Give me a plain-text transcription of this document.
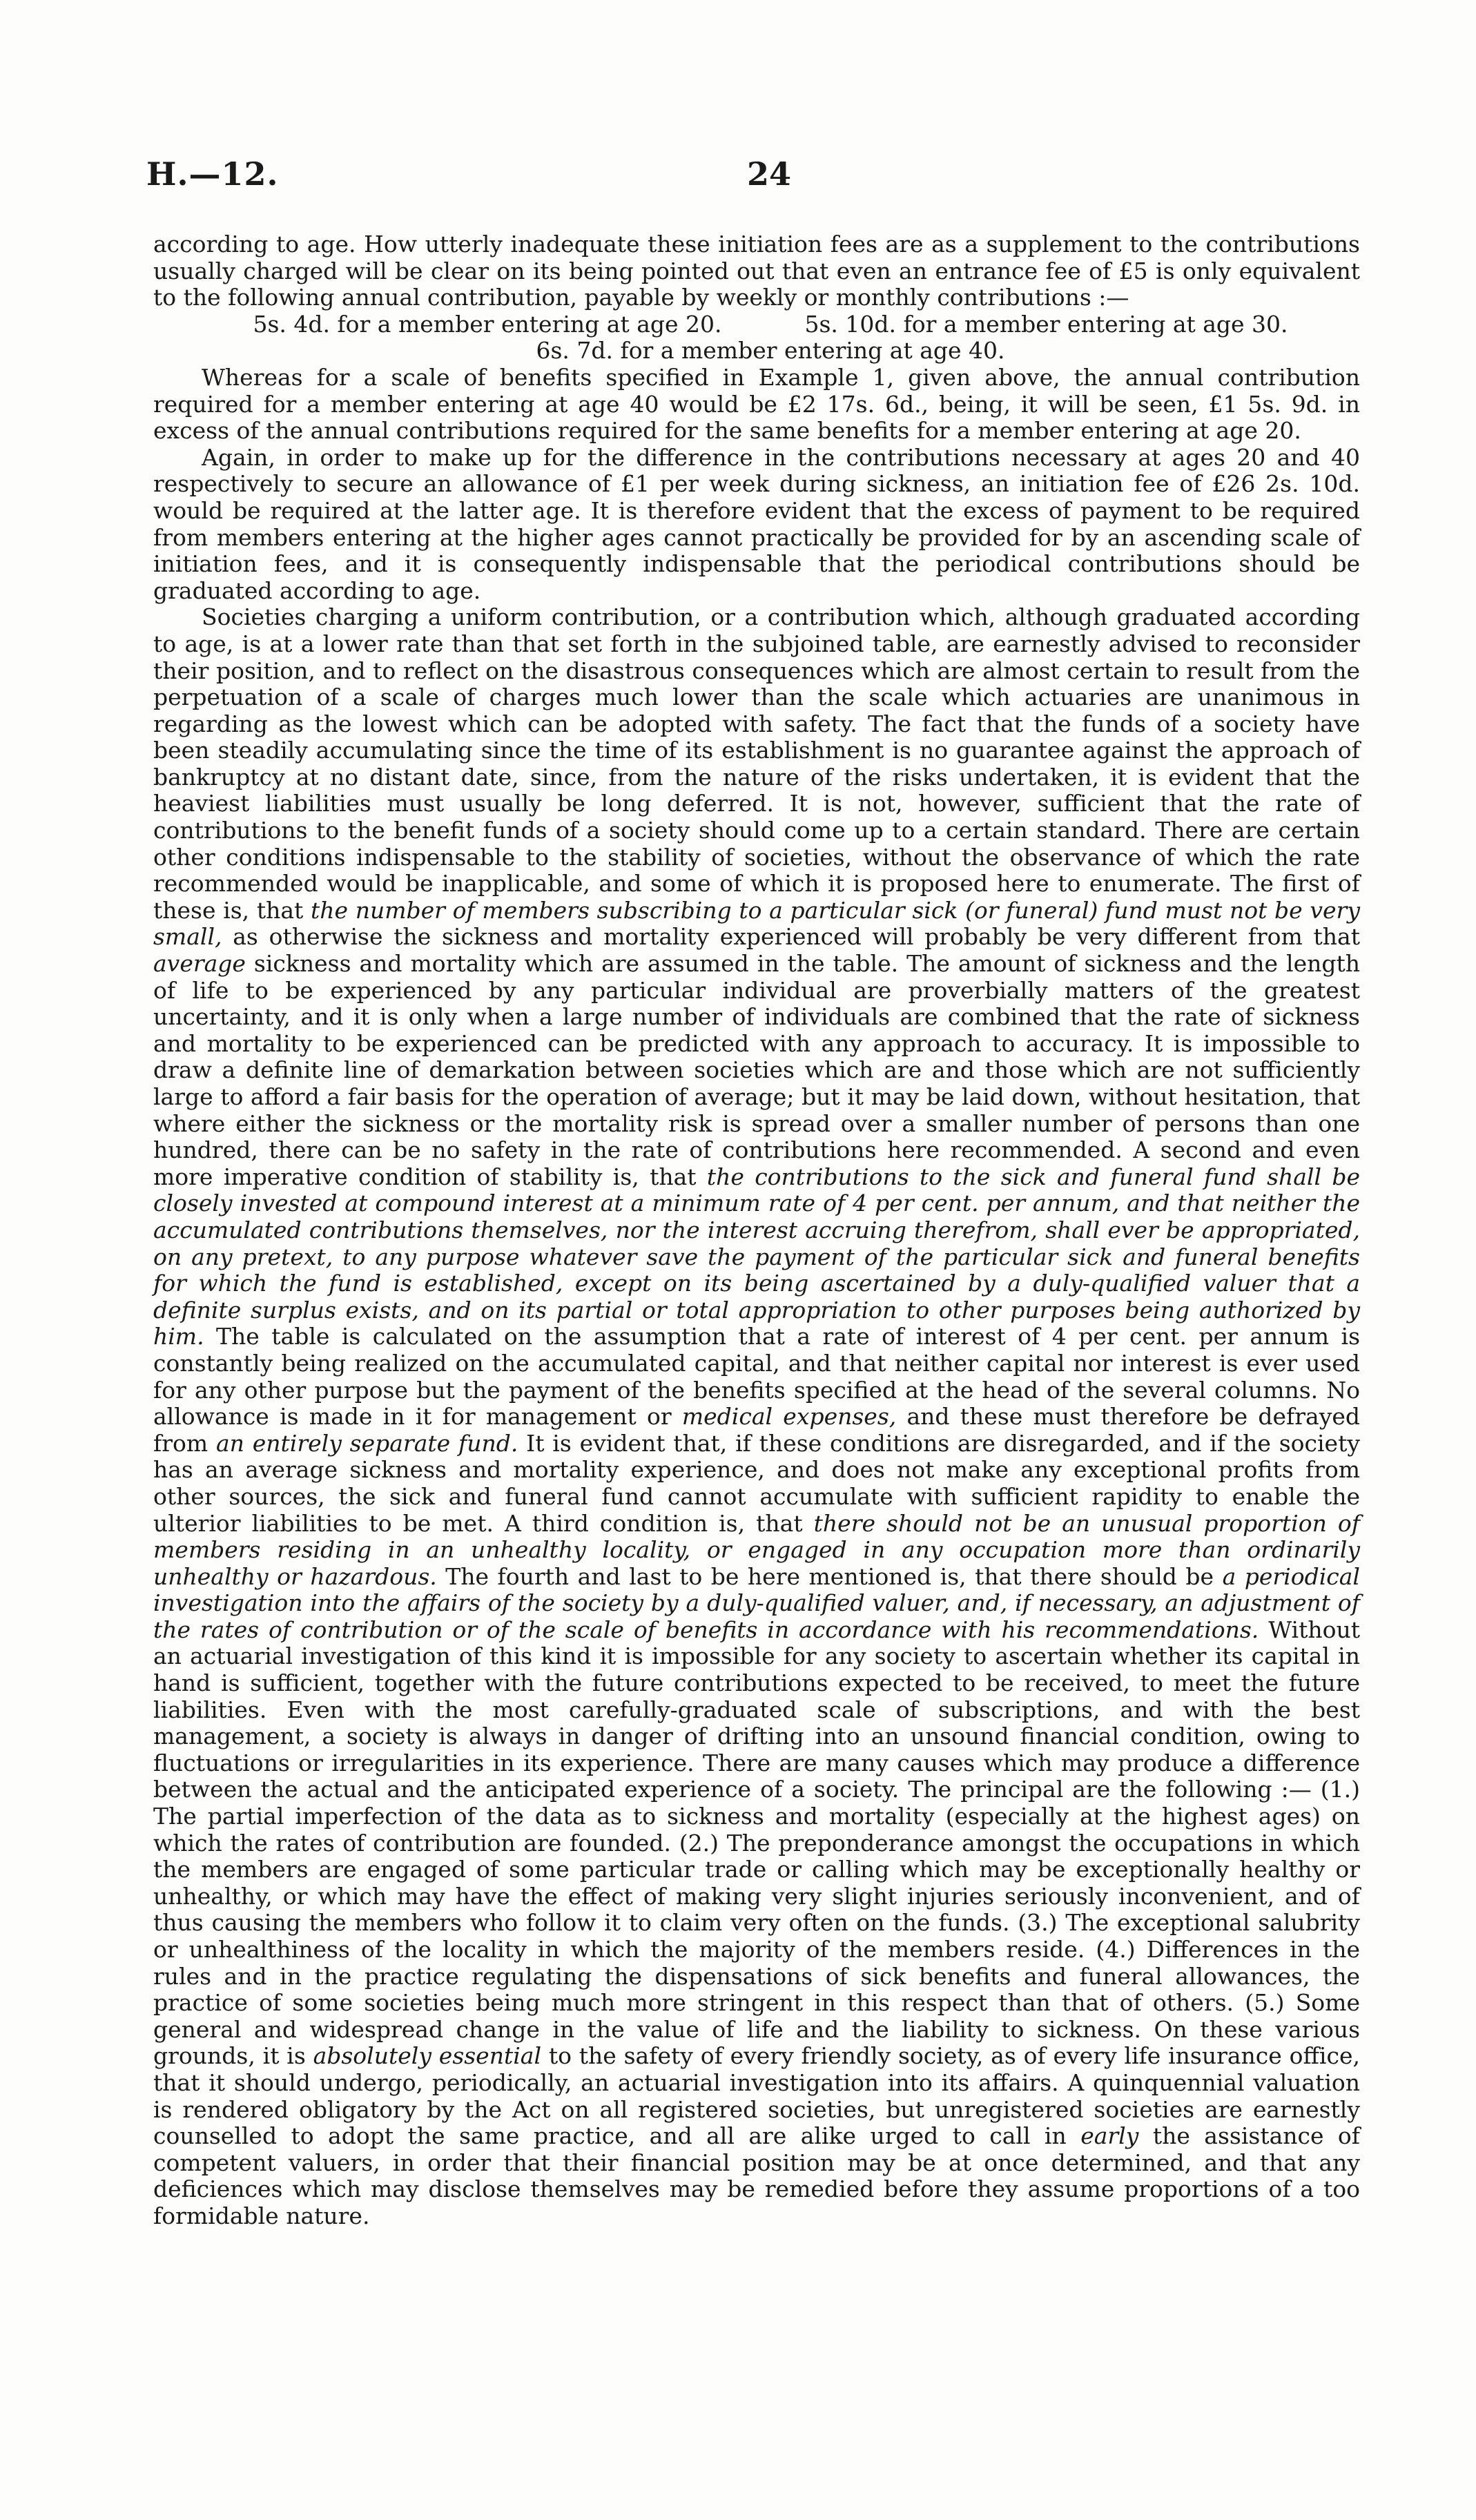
H.—12.	24

according to age. How utterly inadequate these initiation fees are as a supplement to the contributions usually charged will be clear on its being pointed out that even an entrance fee of £5 is only equivalent to the following annual contribution, payable by weekly or monthly contributions :—

5s. 4d. for a member entering at age 20.	5s. 10d. for a member entering at age 30.
6s. 7d. for a member entering at age 40.

Whereas for a scale of benefits specified in Example 1, given above, the annual contribution required for a member entering at age 40 would be £2 17s. 6d., being, it will be seen, £1 5s. 9d. in excess of the annual contributions required for the same benefits for a member entering at age 20.

Again, in order to make up for the difference in the contributions necessary at ages 20 and 40 respectively to secure an allowance of £1 per week during sickness, an initiation fee of £26 2s. 10d. would be required at the latter age. It is therefore evident that the excess of payment to be required from members entering at the higher ages cannot practically be provided for by an ascending scale of initiation fees, and it is consequently indispensable that the periodical contributions should be graduated according to age.

Societies charging a uniform contribution, or a contribution which, although graduated according to age, is at a lower rate than that set forth in the subjoined table, are earnestly advised to reconsider their position, and to reflect on the disastrous consequences which are almost certain to result from the perpetuation of a scale of charges much lower than the scale which actuaries are unanimous in regarding as the lowest which can be adopted with safety. The fact that the funds of a society have been steadily accumulating since the time of its establishment is no guarantee against the approach of bankruptcy at no distant date, since, from the nature of the risks undertaken, it is evident that the heaviest liabilities must usually be long deferred. It is not, however, sufficient that the rate of contributions to the benefit funds of a society should come up to a certain standard. There are certain other conditions indispensable to the stability of societies, without the observance of which the rate recommended would be inapplicable, and some of which it is proposed here to enumerate. The first of these is, that the number of members subscribing to a particular sick (or funeral) fund must not be very small, as otherwise the sickness and mortality experienced will probably be very different from that average sickness and mortality which are assumed in the table. The amount of sickness and the length of life to be experienced by any particular individual are proverbially matters of the greatest uncertainty, and it is only when a large number of individuals are combined that the rate of sickness and mortality to be experienced can be predicted with any approach to accuracy. It is impossible to draw a definite line of demarkation between societies which are and those which are not sufficiently large to afford a fair basis for the operation of average; but it may be laid down, without hesitation, that where either the sickness or the mortality risk is spread over a smaller number of persons than one hundred, there can be no safety in the rate of contributions here recommended. A second and even more imperative condition of stability is, that the contributions to the sick and funeral fund shall be closely invested at compound interest at a minimum rate of 4 per cent. per annum, and that neither the accumulated contributions themselves, nor the interest accruing therefrom, shall ever be appropriated, on any pretext, to any purpose whatever save the payment of the particular sick and funeral benefits for which the fund is established, except on its being ascertained by a duly-qualified valuer that a definite surplus exists, and on its partial or total appropriation to other purposes being authorized by him. The table is calculated on the assumption that a rate of interest of 4 per cent. per annum is constantly being realized on the accumulated capital, and that neither capital nor interest is ever used for any other purpose but the payment of the benefits specified at the head of the several columns. No allowance is made in it for management or medical expenses, and these must therefore be defrayed from an entirely separate fund. It is evident that, if these conditions are disregarded, and if the society has an average sickness and mortality experience, and does not make any exceptional profits from other sources, the sick and funeral fund cannot accumulate with sufficient rapidity to enable the ulterior liabilities to be met. A third condition is, that there should not be an unusual proportion of members residing in an unhealthy locality, or engaged in any occupation more than ordinarily unhealthy or hazardous. The fourth and last to be here mentioned is, that there should be a periodical investigation into the affairs of the society by a duly-qualified valuer, and, if necessary, an adjustment of the rates of contribution or of the scale of benefits in accordance with his recommendations. Without an actuarial investigation of this kind it is impossible for any society to ascertain whether its capital in hand is sufficient, together with the future contributions expected to be received, to meet the future liabilities. Even with the most carefully-graduated scale of subscriptions, and with the best management, a society is always in danger of drifting into an unsound financial condition, owing to fluctuations or irregularities in its experience. There are many causes which may produce a difference between the actual and the anticipated experience of a society. The principal are the following :— (1.) The partial imperfection of the data as to sickness and mortality (especially at the highest ages) on which the rates of contribution are founded. (2.) The preponderance amongst the occupations in which the members are engaged of some particular trade or calling which may be exceptionally healthy or unhealthy, or which may have the effect of making very slight injuries seriously inconvenient, and of thus causing the members who follow it to claim very often on the funds. (3.) The exceptional salubrity or unhealthiness of the locality in which the majority of the members reside. (4.) Differences in the rules and in the practice regulating the dispensations of sick benefits and funeral allowances, the practice of some societies being much more stringent in this respect than that of others. (5.) Some general and widespread change in the value of life and the liability to sickness. On these various grounds, it is absolutely essential to the safety of every friendly society, as of every life insurance office, that it should undergo, periodically, an actuarial investigation into its affairs. A quinquennial valuation is rendered obligatory by the Act on all registered societies, but unregistered societies are earnestly counselled to adopt the same practice, and all are alike urged to call in early the assistance of competent valuers, in order that their financial position may be at once determined, and that any deficiences which may disclose themselves may be remedied before they assume proportions of a too formidable nature.
